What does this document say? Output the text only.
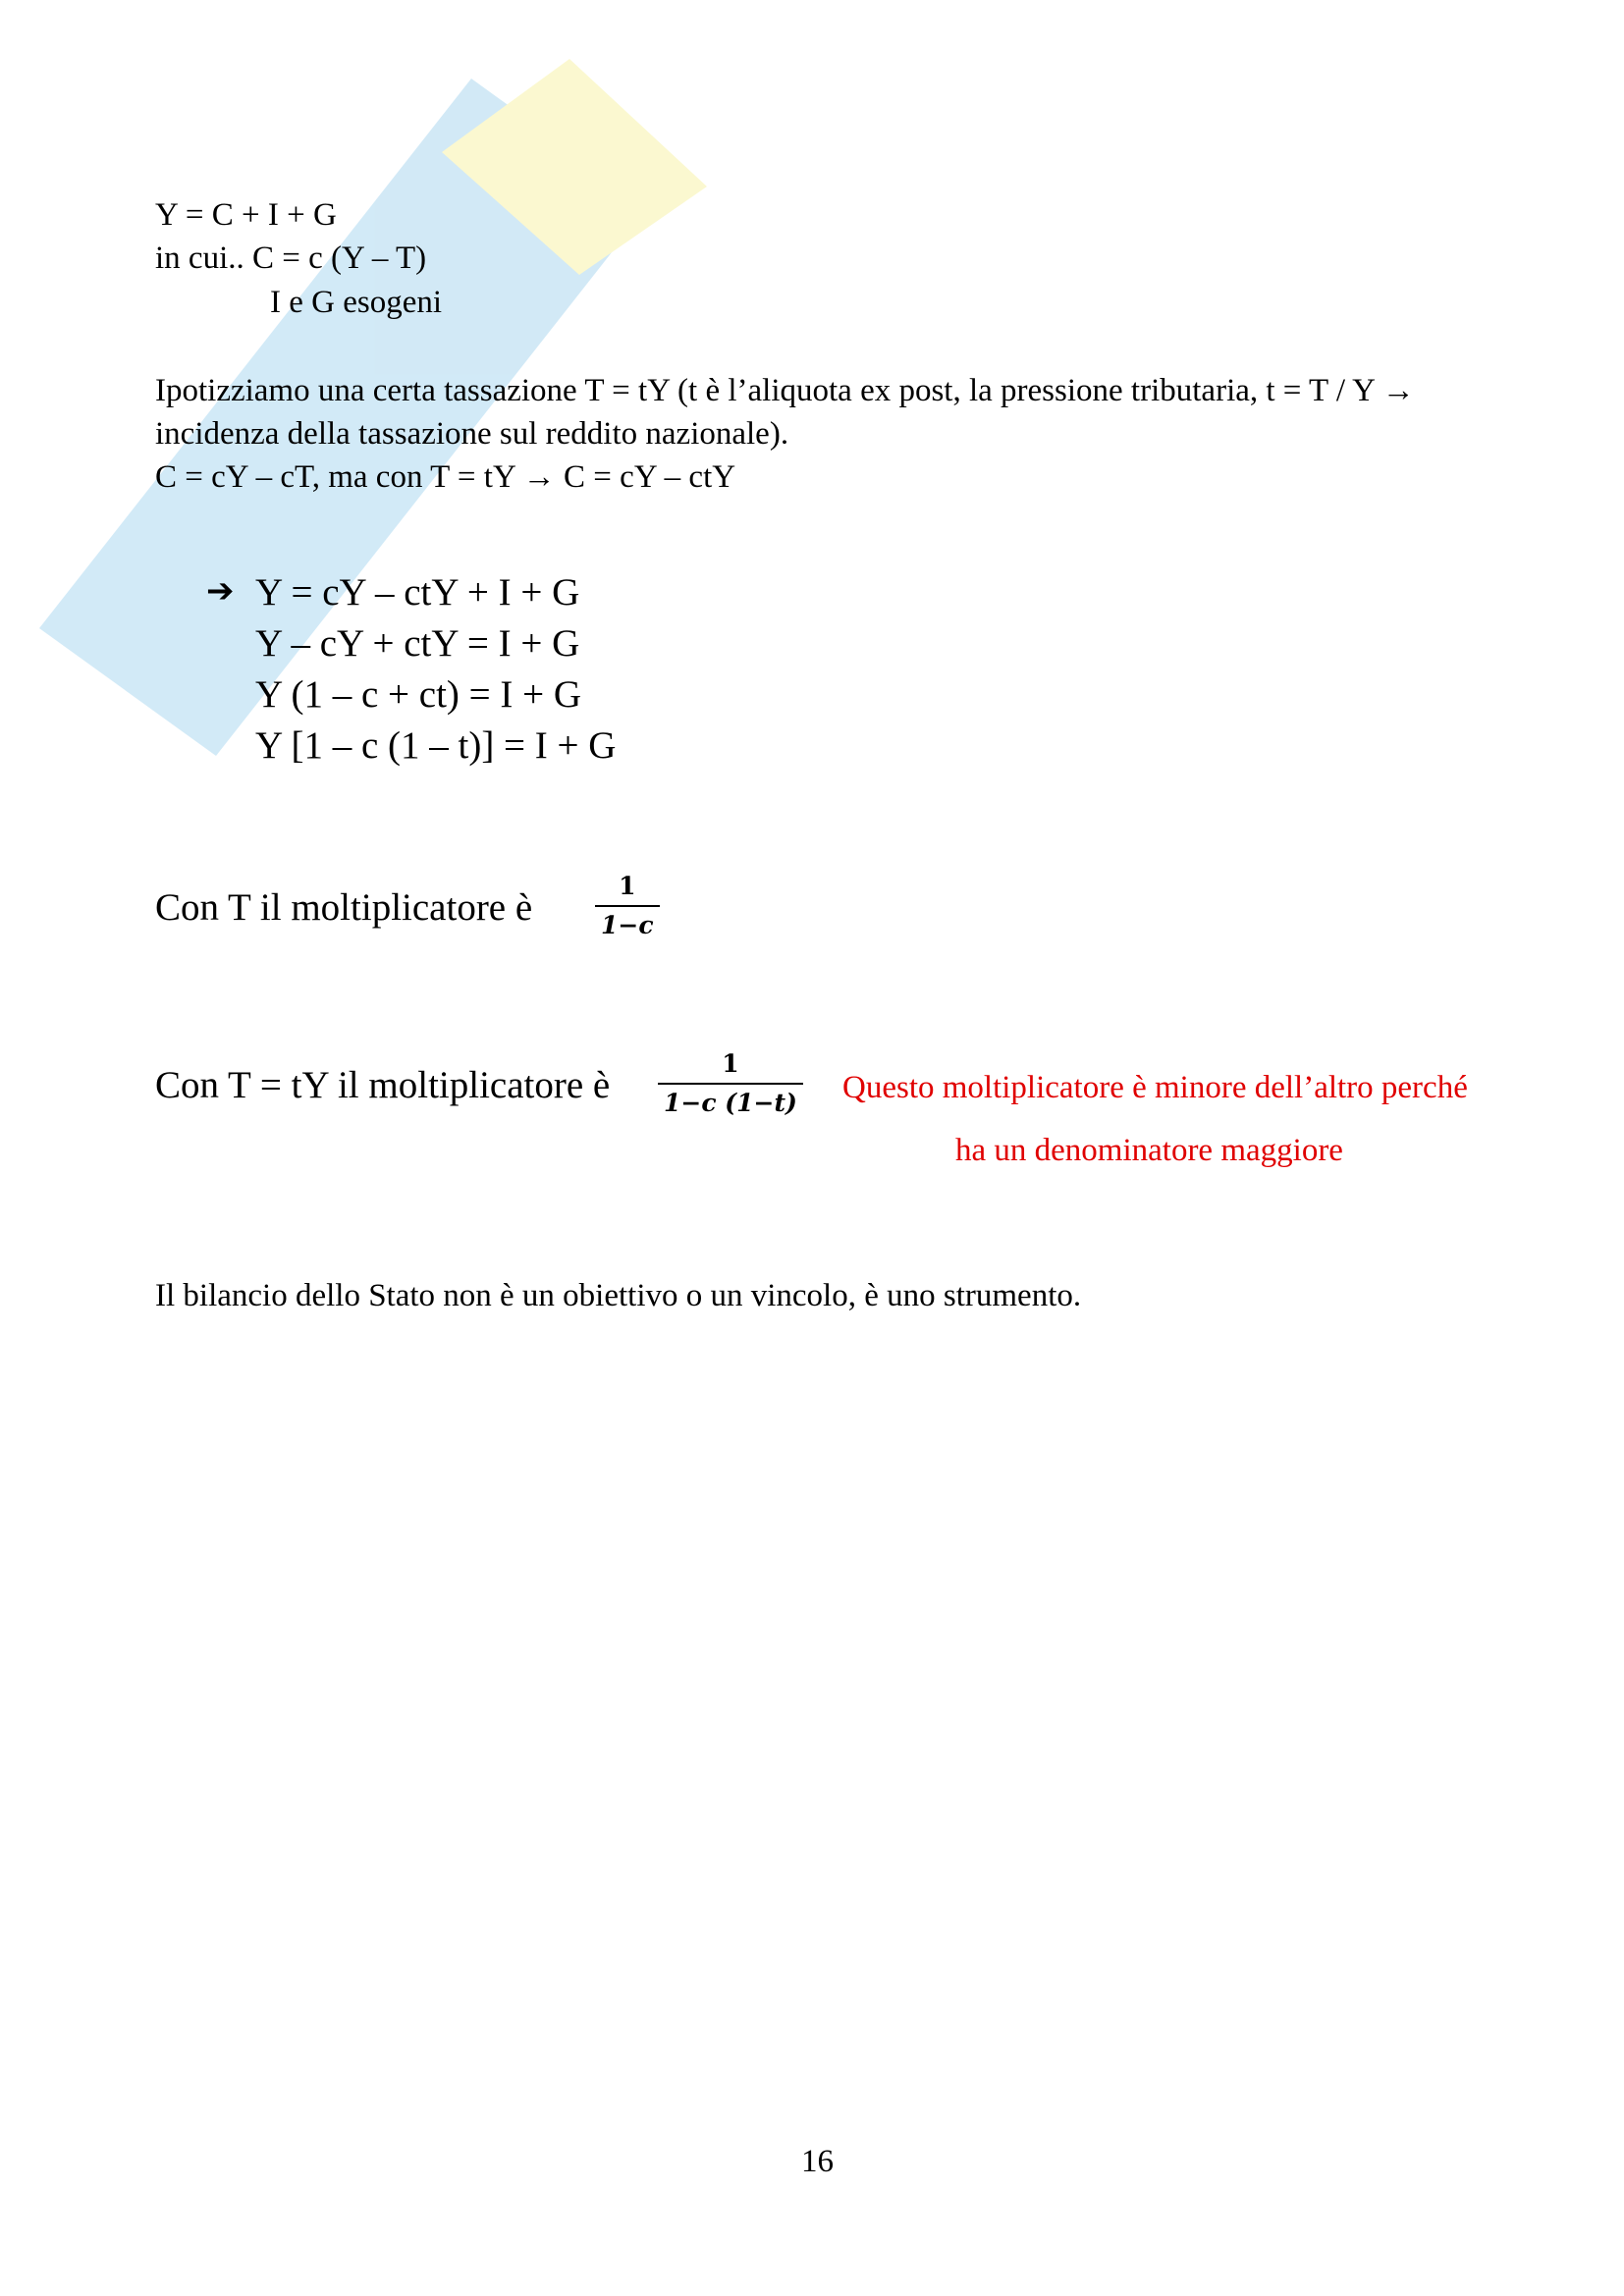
Y = C + I + G
in cui.. C = c (Y – T)
I e G esogeni
Ipotizziamo una certa tassazione T = tY (t è l’aliquota ex post, la pressione tributaria, t = T / Y →
incidenza della tassazione sul reddito nazionale).
C = cY – cT, ma con T = tY → C = cY – ctY
➔ Y = cY – ctY + I + G
Y – cY + ctY = I + G
Y (1 – c + ct) = I + G
Y [1 – c (1 – t)] = I + G
Con T il moltiplicatore è
1
1−c
Con T = tY il moltiplicatore è
1
1−c (1−t) Questo moltiplicatore è minore dell’altro perché
ha un denominatore maggiore
Il bilancio dello Stato non è un obiettivo o un vincolo, è uno strumento.
16
